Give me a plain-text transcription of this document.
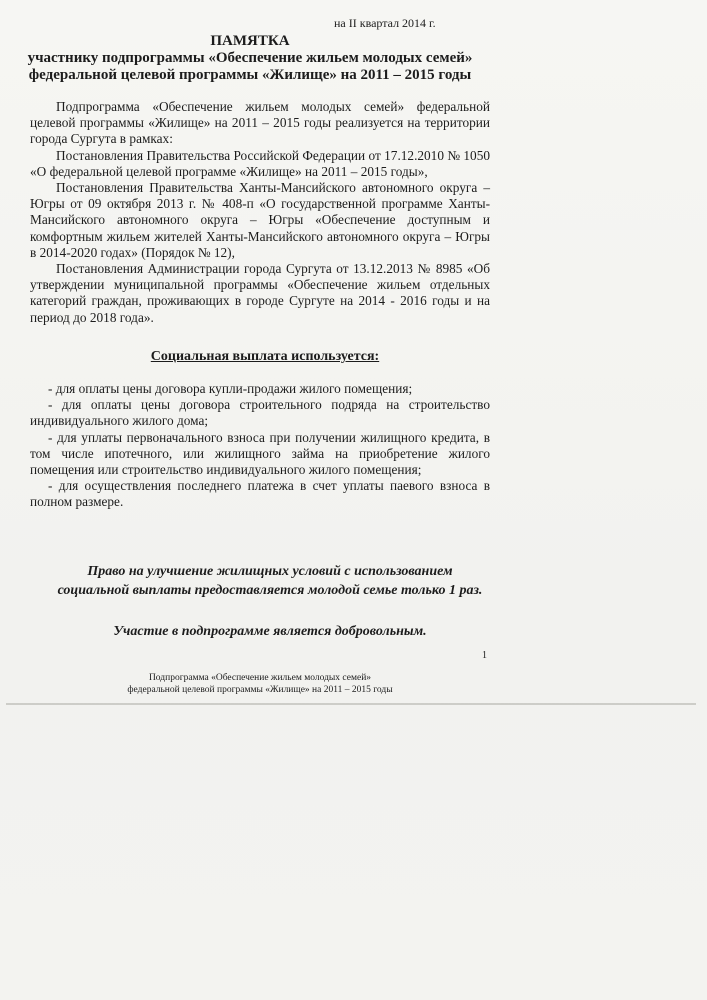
на II квартал 2014 г.
ПАМЯТКА
участнику подпрограммы «Обеспечение жильем молодых семей»
федеральной целевой программы «Жилище» на 2011 – 2015 годы

Подпрограмма «Обеспечение жильем молодых семей» федеральной целевой программы «Жилище» на 2011 – 2015 годы реализуется на территории города Сургута в рамках:

Постановления Правительства Российской Федерации от 17.12.2010 № 1050 «О федеральной целевой программе «Жилище» на 2011 – 2015 годы»,

Постановления Правительства Ханты-Мансийского автономного округа – Югры от 09 октября 2013 г. № 408-п «О государственной программе Ханты-Мансийского автономного округа – Югры «Обеспечение доступным и комфортным жильем жителей Ханты-Мансийского автономного округа – Югры в 2014-2020 годах» (Порядок № 12),

Постановления Администрации города Сургута от 13.12.2013 № 8985 «Об утверждении муниципальной программы «Обеспечение жильем отдельных категорий граждан, проживающих в городе Сургуте на 2014 - 2016 годы и на период до 2018 года».

Социальная выплата используется:

- для оплаты цены договора купли-продажи жилого помещения;

- для оплаты цены договора строительного подряда на строительство индивидуального жилого дома;

- для уплаты первоначального взноса при получении жилищного кредита, в том числе ипотечного, или жилищного займа на приобретение жилого помещения или строительство индивидуального жилого помещения;

- для осуществления последнего платежа в счет уплаты паевого взноса в полном размере.

Право на улучшение жилищных условий с использованием
социальной выплаты предоставляется молодой семье только 1 раз.
Участие в подпрограмме является добровольным.
1
Подпрограмма «Обеспечение жильем молодых семей»
федеральной целевой программы «Жилище» на 2011 – 2015 годы
